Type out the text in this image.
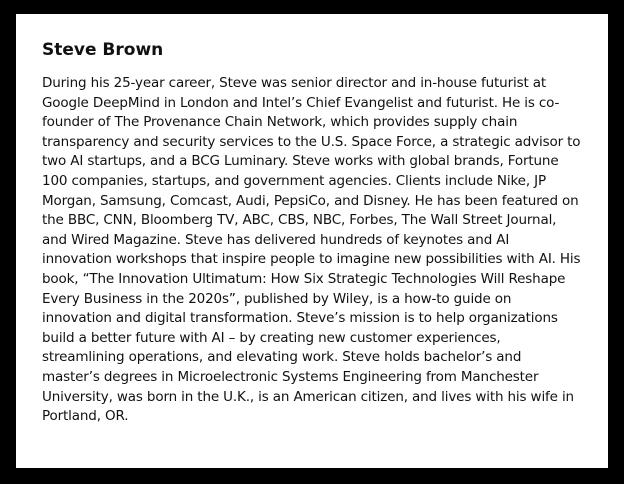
Steve Brown

During his 25-year career, Steve was senior director and in-house futurist at Google DeepMind in London and Intel’s Chief Evangelist and futurist. He is co-founder of The Provenance Chain Network, which provides supply chain transparency and security services to the U.S. Space Force, a strategic advisor to two AI startups, and a BCG Luminary. Steve works with global brands, Fortune 100 companies, startups, and government agencies. Clients include Nike, JP Morgan, Samsung, Comcast, Audi, PepsiCo, and Disney. He has been featured on the BBC, CNN, Bloomberg TV, ABC, CBS, NBC, Forbes, The Wall Street Journal, and Wired Magazine. Steve has delivered hundreds of keynotes and AI innovation workshops that inspire people to imagine new possibilities with AI. His book, “The Innovation Ultimatum: How Six Strategic Technologies Will Reshape Every Business in the 2020s”, published by Wiley, is a how-to guide on innovation and digital transformation. Steve’s mission is to help organizations build a better future with AI – by creating new customer experiences, streamlining operations, and elevating work. Steve holds bachelor’s and master’s degrees in Microelectronic Systems Engineering from Manchester University, was born in the U.K., is an American citizen, and lives with his wife in Portland, OR.
